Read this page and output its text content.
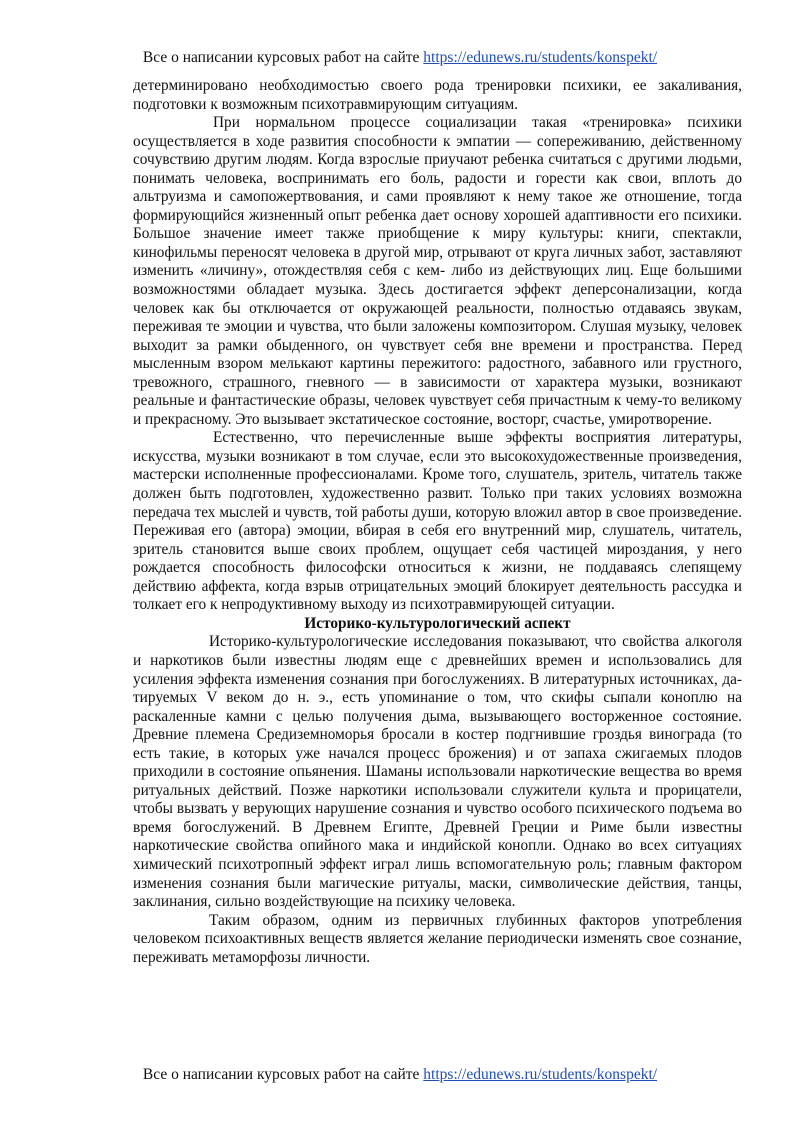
Все о написании курсовых работ на сайте https://edunews.ru/students/konspekt/

детерминировано необходимостью своего рода тренировки психики, ее закаливания, подготовки к возможным психотравмирующим ситуациям.

При нормальном процессе социализации такая «тренировка» психики осуществляется в ходе развития способности к эмпатии — сопереживанию, действенному сочувствию другим людям. Когда взрослые приучают ребенка считаться с другими людьми, понимать человека, воспринимать его боль, радости и горести как свои, вплоть до альтруизма и самопожертвования, и сами проявляют к нему такое же отношение, тогда формирующийся жизненный опыт ребенка дает основу хорошей адаптивности его психики. Большое значение имеет также приобщение к миру культуры: книги, спектакли, кинофильмы переносят человека в другой мир, отрывают от круга личных забот, заставляют изменить «личину», отождествляя себя с кем- либо из действующих лиц. Еще большими возможностями обладает музыка. Здесь достигается эффект деперсонализации, когда человек как бы отключается от окружающей реальности, полностью отдаваясь звукам, переживая те эмоции и чувства, что были заложены композитором. Слушая музыку, человек выходит за рамки обыденного, он чувствует себя вне времени и пространства. Перед мысленным взором мелькают картины пережитого: радостного, забавного или грустного, тревожного, страшного, гневного — в зависимости от характера музыки, возникают реальные и фантастические образы, человек чувствует себя причастным к чему-то великому и прекрасному. Это вызывает экстатическое состояние, восторг, счастье, умиротворение.

Естественно, что перечисленные выше эффекты восприятия литературы, искусства, музыки возникают в том случае, если это высокохудожественные произведения, мастерски исполненные профессионалами. Кроме того, слушатель, зритель, читатель также должен быть подготовлен, художественно развит. Только при таких условиях возможна передача тех мыслей и чувств, той работы души, которую вложил автор в свое произведение. Переживая его (автора) эмоции, вбирая в себя его внутренний мир, слушатель, читатель, зритель становится выше своих проблем, ощущает себя частицей мироздания, у него рождается способность философски относиться к жизни, не поддаваясь слепящему действию аффекта, когда взрыв отрицательных эмоций блокирует деятельность рассудка и толкает его к непродуктивному выходу из психотравмирующей ситуации.

Историко-культурологический аспект

Историко-культурологические исследования показывают, что свойства алкоголя и наркотиков были известны людям еще с древнейших времен и использовались для усиления эффекта изменения сознания при богослужениях. В литературных источниках, да-тируемых V веком до н. э., есть упоминание о том, что скифы сыпали коноплю на раскаленные камни с целью получения дыма, вызывающего восторженное состояние. Древние племена Средиземноморья бросали в костер подгнившие гроздья винограда (то есть такие, в которых уже начался процесс брожения) и от запаха сжигаемых плодов приходили в состояние опьянения. Шаманы использовали наркотические вещества во время ритуальных действий. Позже наркотики использовали служители культа и прорицатели, чтобы вызвать у верующих нарушение сознания и чувство особого психического подъема во время богослужений. В Древнем Египте, Древней Греции и Риме были известны наркотические свойства опийного мака и индийской конопли. Однако во всех ситуациях химический психотропный эффект играл лишь вспомогательную роль; главным фактором изменения сознания были магические ритуалы, маски, символические действия, танцы, заклинания, сильно воздействующие на психику человека.

Таким образом, одним из первичных глубинных факторов употребления человеком психоактивных веществ является желание периодически изменять свое сознание, переживать метаморфозы личности.

Все о написании курсовых работ на сайте https://edunews.ru/students/konspekt/
